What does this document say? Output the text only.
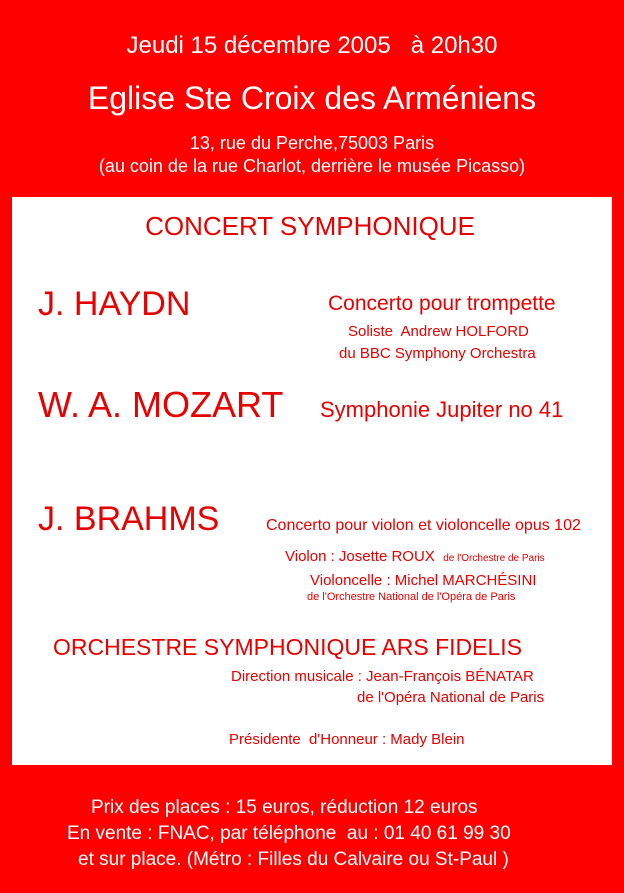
Jeudi 15 décembre 2005   à 20h30
Eglise Ste Croix des Arméniens
13, rue du Perche,75003 Paris
(au coin de la rue Charlot, derrière le musée Picasso)
CONCERT SYMPHONIQUE
J. HAYDN	Concerto pour trompette
Soliste  Andrew HOLFORD
du BBC Symphony Orchestra
W. A. MOZART Symphonie Jupiter no 41
J. BRAHMS	Concerto pour violon et violoncelle opus 102
Violon : Josette ROUX de l'Orchestre de Paris
Violoncelle : Michel MARCHÉSINI
de l'Orchestre National de l'Opéra de Paris
ORCHESTRE SYMPHONIQUE ARS FIDELIS
Direction musicale : Jean-François BÉNATAR
de l'Opéra National de Paris
Présidente  d'Honneur : Mady Blein
Prix des places : 15 euros, réduction 12 euros
En vente : FNAC, par téléphone  au : 01 40 61 99 30
et sur place. (Métro : Filles du Calvaire ou St-Paul )
